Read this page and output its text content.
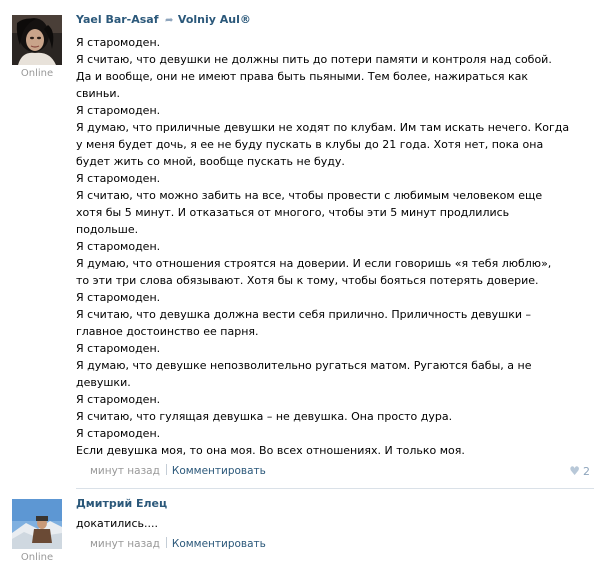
Online
Yael Bar-Asaf ➦ Volniy Aul®
Я старомоден.
Я считаю, что девушки не должны пить до потери памяти и контроля над собой.
Да и вообще, они не имеют права быть пьяными. Тем более, нажираться как
свиньи.
Я старомоден.
Я думаю, что приличные девушки не ходят по клубам. Им там искать нечего. Когда
у меня будет дочь, я ее не буду пускать в клубы до 21 года. Хотя нет, пока она
будет жить со мной, вообще пускать не буду.
Я старомоден.
Я считаю, что можно забить на все, чтобы провести с любимым человеком еще
хотя бы 5 минут. И отказаться от многого, чтобы эти 5 минут продлились
подольше.
Я старомоден.
Я думаю, что отношения строятся на доверии. И если говоришь «я тебя люблю»,
то эти три слова обязывают. Хотя бы к тому, чтобы бояться потерять доверие.
Я старомоден.
Я считаю, что девушка должна вести себя прилично. Приличность девушки –
главное достоинство ее парня.
Я старомоден.
Я думаю, что девушке непозволительно ругаться матом. Ругаются бабы, а не
девушки.
Я старомоден.
Я считаю, что гулящая девушка – не девушка. Она просто дура.
Я старомоден.
Если девушка моя, то она моя. Во всех отношениях. И только моя.
минут назад Комментировать	♥ 2
Online
Дмитрий Елец
докатились....
минут назад Комментировать
